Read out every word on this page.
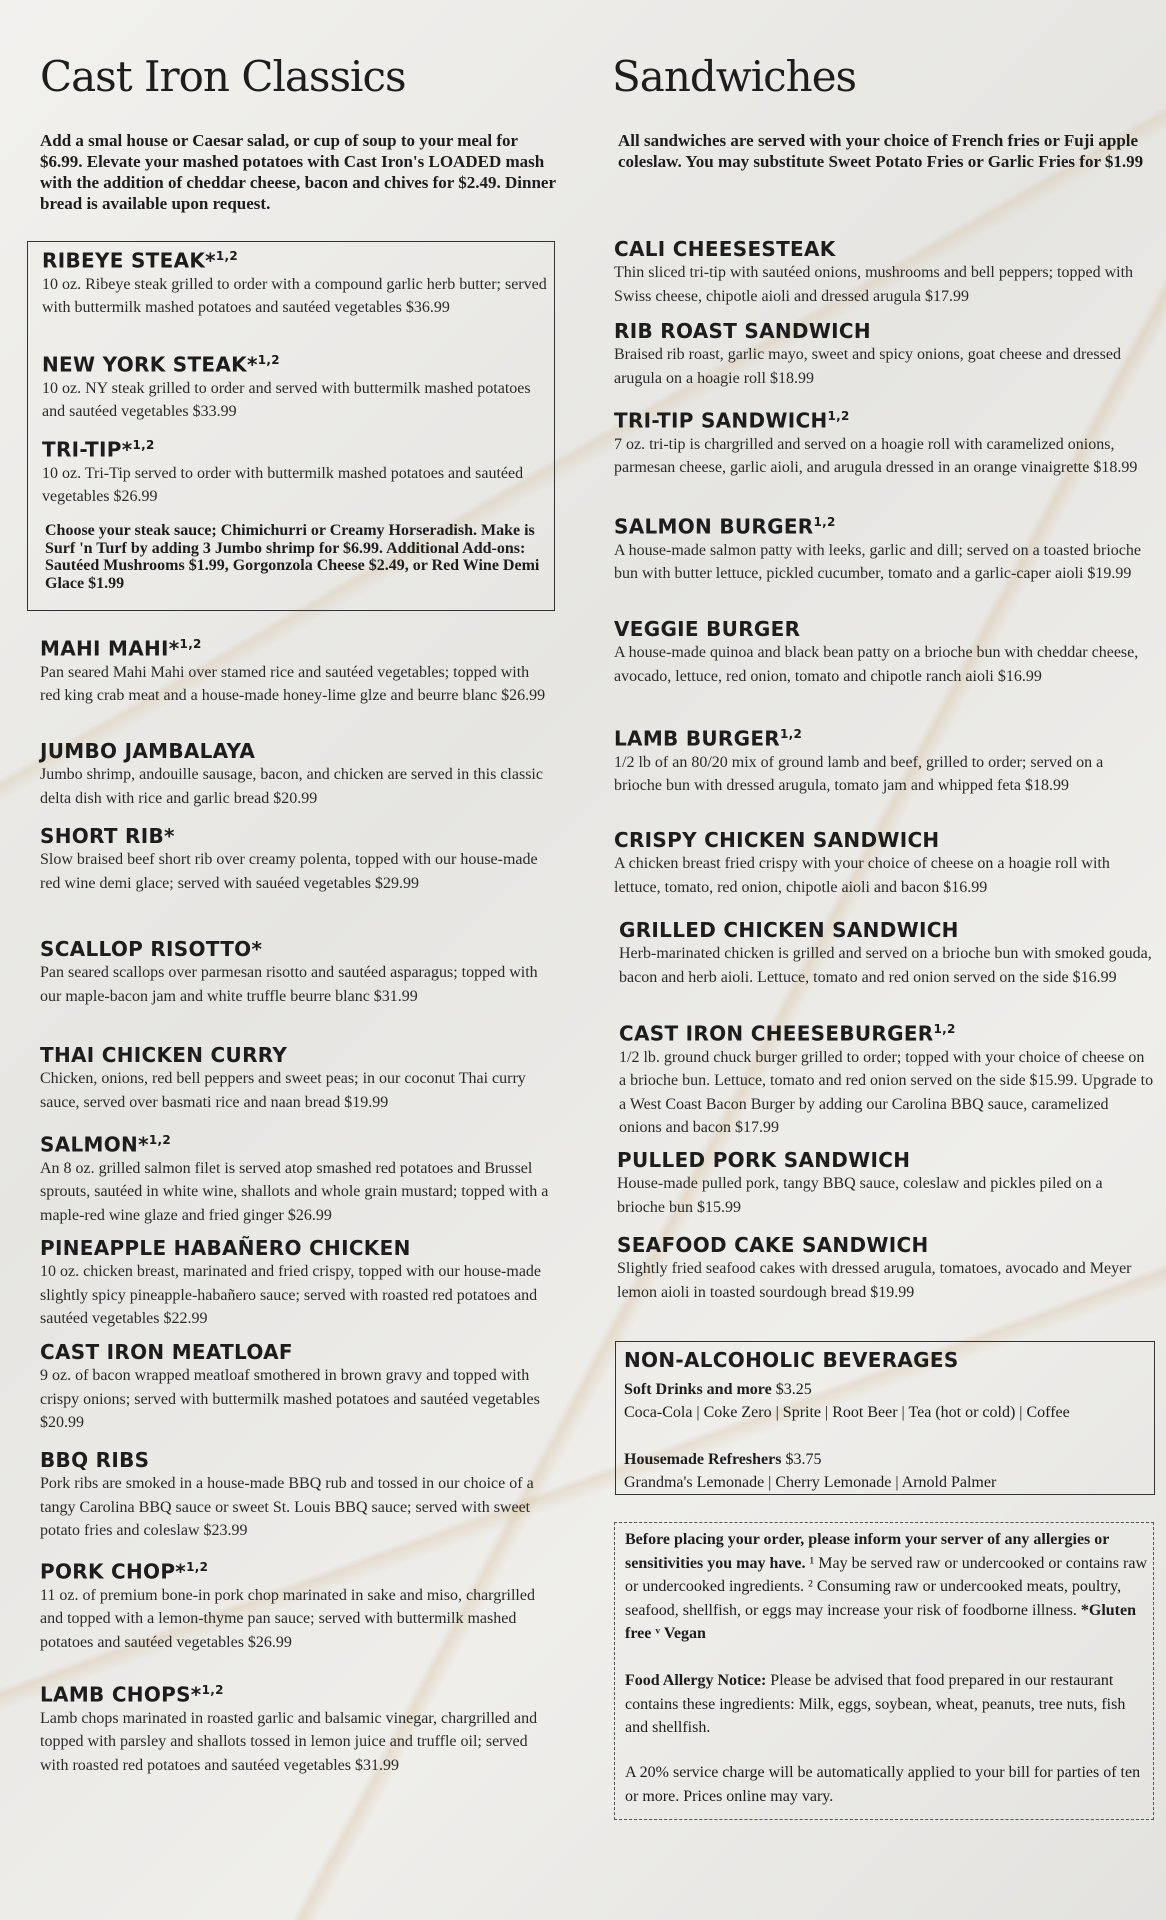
Cast Iron Classics
Add a smal house or Caesar salad, or cup of soup to your meal for $6.99. Elevate your mashed potatoes with Cast Iron's LOADED mash with the addition of cheddar cheese, bacon and chives for $2.49. Dinner bread is available upon request.
RIBEYE STEAK*$^{1,2}$

10 oz. Ribeye steak grilled to order with a compound garlic herb butter; served with buttermilk mashed potatoes and sautéed vegetables $36.99

NEW YORK STEAK*$^{1,2}$

10 oz. NY steak grilled to order and served with buttermilk mashed potatoes and sautéed vegetables $33.99

TRI-TIP*$^{1,2}$

10 oz. Tri-Tip served to order with buttermilk mashed potatoes and sautéed vegetables $26.99

Choose your steak sauce; Chimichurri or Creamy Horseradish. Make is Surf 'n Turf by adding 3 Jumbo shrimp for $6.99. Additional Add-ons: Sautéed Mushrooms $1.99, Gorgonzola Cheese $2.49, or Red Wine Demi Glace $1.99
MAHI MAHI*$^{1,2}$

Pan seared Mahi Mahi over stamed rice and sautéed vegetables; topped with red king crab meat and a house-made honey-lime glze and beurre blanc $26.99

JUMBO JAMBALAYA

Jumbo shrimp, andouille sausage, bacon, and chicken are served in this classic delta dish with rice and garlic bread $20.99

SHORT RIB*

Slow braised beef short rib over creamy polenta, topped with our house-made red wine demi glace; served with sauéed vegetables $29.99

SCALLOP RISOTTO*

Pan seared scallops over parmesan risotto and sautéed asparagus; topped with our maple-bacon jam and white truffle beurre blanc $31.99

THAI CHICKEN CURRY

Chicken, onions, red bell peppers and sweet peas; in our coconut Thai curry sauce, served over basmati rice and naan bread $19.99

SALMON*$^{1,2}$

An 8 oz. grilled salmon filet is served atop smashed red potatoes and Brussel sprouts, sautéed in white wine, shallots and whole grain mustard; topped with a maple-red wine glaze and fried ginger $26.99

PINEAPPLE HABAÑERO CHICKEN

10 oz. chicken breast, marinated and fried crispy, topped with our house-made slightly spicy pineapple-habañero sauce; served with roasted red potatoes and sautéed vegetables $22.99

CAST IRON MEATLOAF

9 oz. of bacon wrapped meatloaf smothered in brown gravy and topped with crispy onions; served with buttermilk mashed potatoes and sautéed vegetables $20.99

BBQ RIBS

Pork ribs are smoked in a house-made BBQ rub and tossed in our choice of a tangy Carolina BBQ sauce or sweet St. Louis BBQ sauce; served with sweet potato fries and coleslaw $23.99

PORK CHOP*$^{1,2}$

11 oz. of premium bone-in pork chop marinated in sake and miso, chargrilled and topped with a lemon-thyme pan sauce; served with buttermilk mashed potatoes and sautéed vegetables $26.99

LAMB CHOPS*$^{1,2}$

Lamb chops marinated in roasted garlic and balsamic vinegar, chargrilled and topped with parsley and shallots tossed in lemon juice and truffle oil; served with roasted red potatoes and sautéed vegetables $31.99

Sandwiches
All sandwiches are served with your choice of French fries or Fuji apple coleslaw. You may substitute Sweet Potato Fries or Garlic Fries for $1.99
CALI CHEESESTEAK

Thin sliced tri-tip with sautéed onions, mushrooms and bell peppers; topped with Swiss cheese, chipotle aioli and dressed arugula $17.99

RIB ROAST SANDWICH

Braised rib roast, garlic mayo, sweet and spicy onions, goat cheese and dressed arugula on a hoagie roll $18.99

TRI-TIP SANDWICH$^{1,2}$

7 oz. tri-tip is chargrilled and served on a hoagie roll with caramelized onions, parmesan cheese, garlic aioli, and arugula dressed in an orange vinaigrette $18.99

SALMON BURGER$^{1,2}$

A house-made salmon patty with leeks, garlic and dill; served on a toasted brioche bun with butter lettuce, pickled cucumber, tomato and a garlic-caper aioli $19.99

VEGGIE BURGER

A house-made quinoa and black bean patty on a brioche bun with cheddar cheese, avocado, lettuce, red onion, tomato and chipotle ranch aioli $16.99

LAMB BURGER$^{1,2}$

1/2 lb of an 80/20 mix of ground lamb and beef, grilled to order; served on a brioche bun with dressed arugula, tomato jam and whipped feta $18.99

CRISPY CHICKEN SANDWICH

A chicken breast fried crispy with your choice of cheese on a hoagie roll with lettuce, tomato, red onion, chipotle aioli and bacon $16.99

GRILLED CHICKEN SANDWICH

Herb-marinated chicken is grilled and served on a brioche bun with smoked gouda, bacon and herb aioli. Lettuce, tomato and red onion served on the side $16.99

CAST IRON CHEESEBURGER$^{1,2}$

1/2 lb. ground chuck burger grilled to order; topped with your choice of cheese on a brioche bun. Lettuce, tomato and red onion served on the side $15.99. Upgrade to a West Coast Bacon Burger by adding our Carolina BBQ sauce, caramelized onions and bacon $17.99

PULLED PORK SANDWICH

House-made pulled pork, tangy BBQ sauce, coleslaw and pickles piled on a brioche bun $15.99

SEAFOOD CAKE SANDWICH

Slightly fried seafood cakes with dressed arugula, tomatoes, avocado and Meyer lemon aioli in toasted sourdough bread $19.99

NON-ALCOHOLIC BEVERAGES
Soft Drinks and more $3.25
Coca-Cola | Coke Zero | Sprite | Root Beer | Tea (hot or cold) | Coffee
Housemade Refreshers $3.75
Grandma's Lemonade | Cherry Lemonade | Arnold Palmer
Before placing your order, please inform your server of any allergies or sensitivities you may have. ¹ May be served raw or undercooked or contains raw or undercooked ingredients. ² Consuming raw or undercooked meats, poultry, seafood, shellfish, or eggs may increase your risk of foodborne illness. *Gluten free ᵛ Vegan
Food Allergy Notice: Please be advised that food prepared in our restaurant contains these ingredients: Milk, eggs, soybean, wheat, peanuts, tree nuts, fish and shellfish.
A 20% service charge will be automatically applied to your bill for parties of ten or more. Prices online may vary.
